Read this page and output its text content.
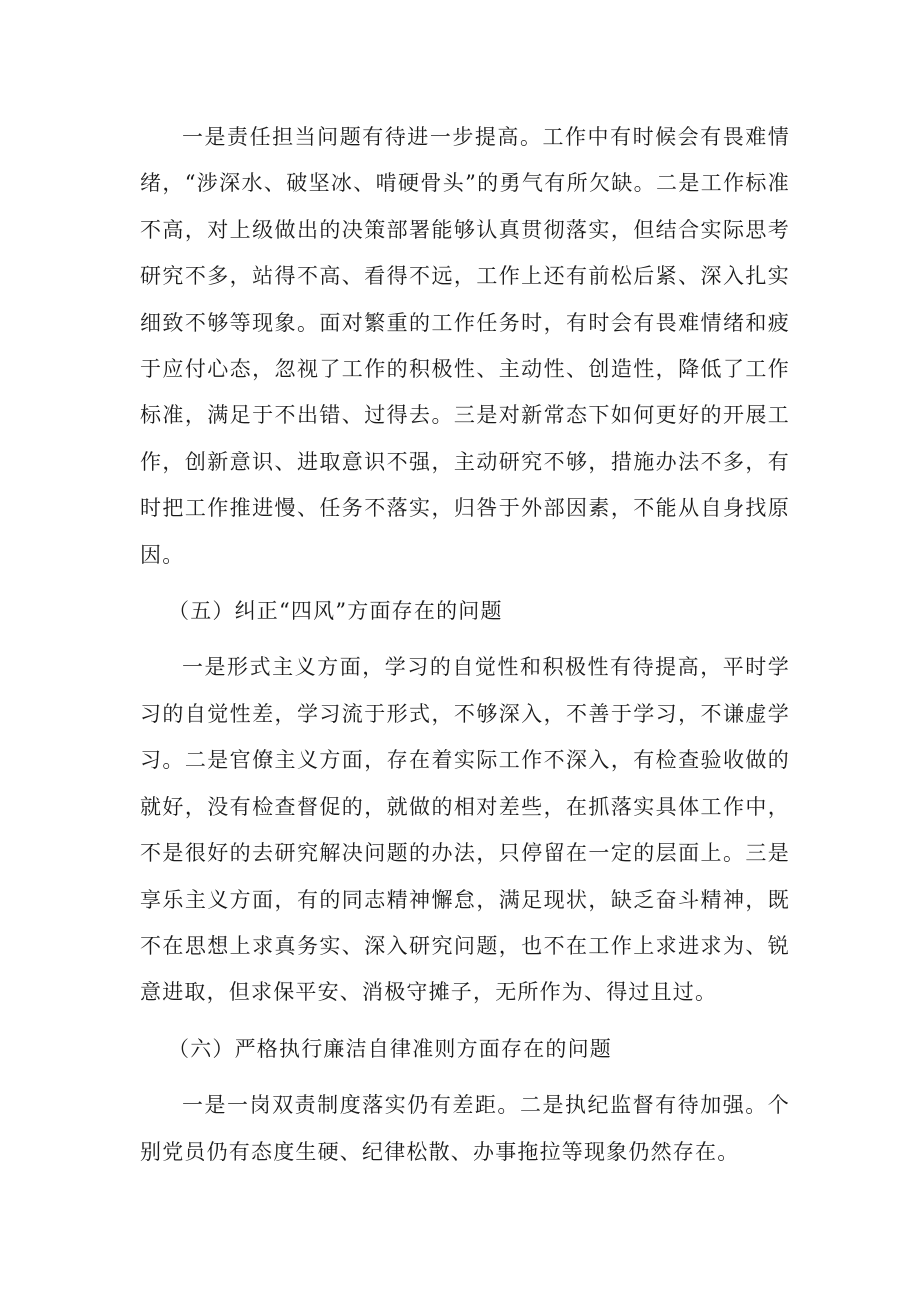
一是责任担当问题有待进一步提高。工作中有时候会有畏难情绪，“涉深水、破坚冰、啃硬骨头”的勇气有所欠缺。二是工作标准不高，对上级做出的决策部署能够认真贯彻落实，但结合实际思考研究不多，站得不高、看得不远，工作上还有前松后紧、深入扎实细致不够等现象。面对繁重的工作任务时，有时会有畏难情绪和疲于应付心态，忽视了工作的积极性、主动性、创造性，降低了工作标准，满足于不出错、过得去。三是对新常态下如何更好的开展工作，创新意识、进取意识不强，主动研究不够，措施办法不多，有时把工作推进慢、任务不落实，归咎于外部因素，不能从自身找原因。

（五）纠正“四风”方面存在的问题

一是形式主义方面，学习的自觉性和积极性有待提高，平时学习的自觉性差，学习流于形式，不够深入，不善于学习，不谦虚学习。二是官僚主义方面，存在着实际工作不深入，有检查验收做的就好，没有检查督促的，就做的相对差些，在抓落实具体工作中，不是很好的去研究解决问题的办法，只停留在一定的层面上。三是享乐主义方面，有的同志精神懈怠，满足现状，缺乏奋斗精神，既不在思想上求真务实、深入研究问题，也不在工作上求进求为、锐意进取，但求保平安、消极守摊子，无所作为、得过且过。

（六）严格执行廉洁自律准则方面存在的问题

一是一岗双责制度落实仍有差距。二是执纪监督有待加强。个别党员仍有态度生硬、纪律松散、办事拖拉等现象仍然存在。
